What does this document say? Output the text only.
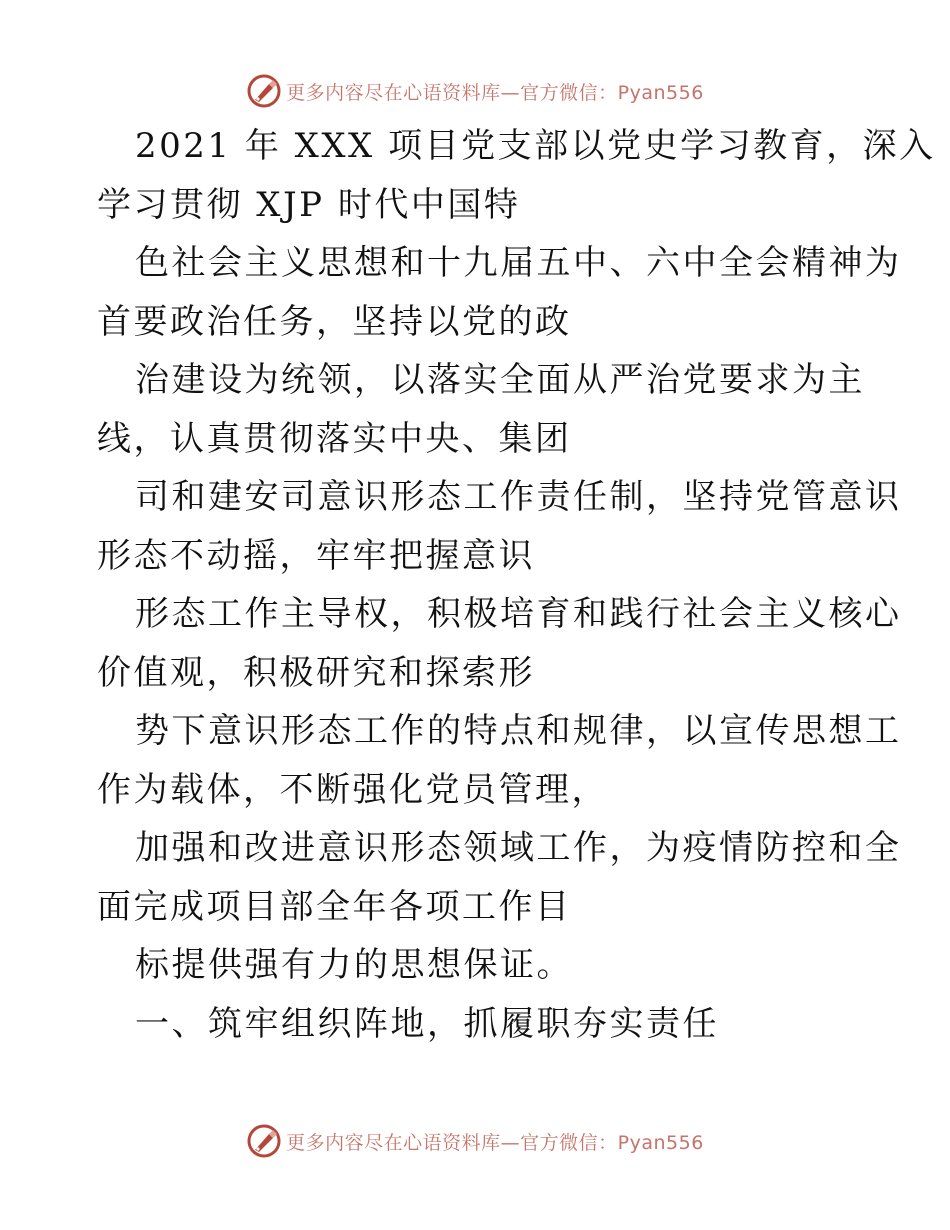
更多内容尽在心语资料库—官方微信：Pyan556

2021 年 XXX 项目党支部以党史学习教育，深入

学习贯彻 XJP 时代中国特

色社会主义思想和十九届五中、六中全会精神为

首要政治任务，坚持以党的政

治建设为统领，以落实全面从严治党要求为主

线，认真贯彻落实中央、集团

司和建安司意识形态工作责任制，坚持党管意识

形态不动摇，牢牢把握意识

形态工作主导权，积极培育和践行社会主义核心

价值观，积极研究和探索形

势下意识形态工作的特点和规律，以宣传思想工

作为载体，不断强化党员管理，

加强和改进意识形态领域工作，为疫情防控和全

面完成项目部全年各项工作目

标提供强有力的思想保证。

一、筑牢组织阵地，抓履职夯实责任

更多内容尽在心语资料库—官方微信：Pyan556
